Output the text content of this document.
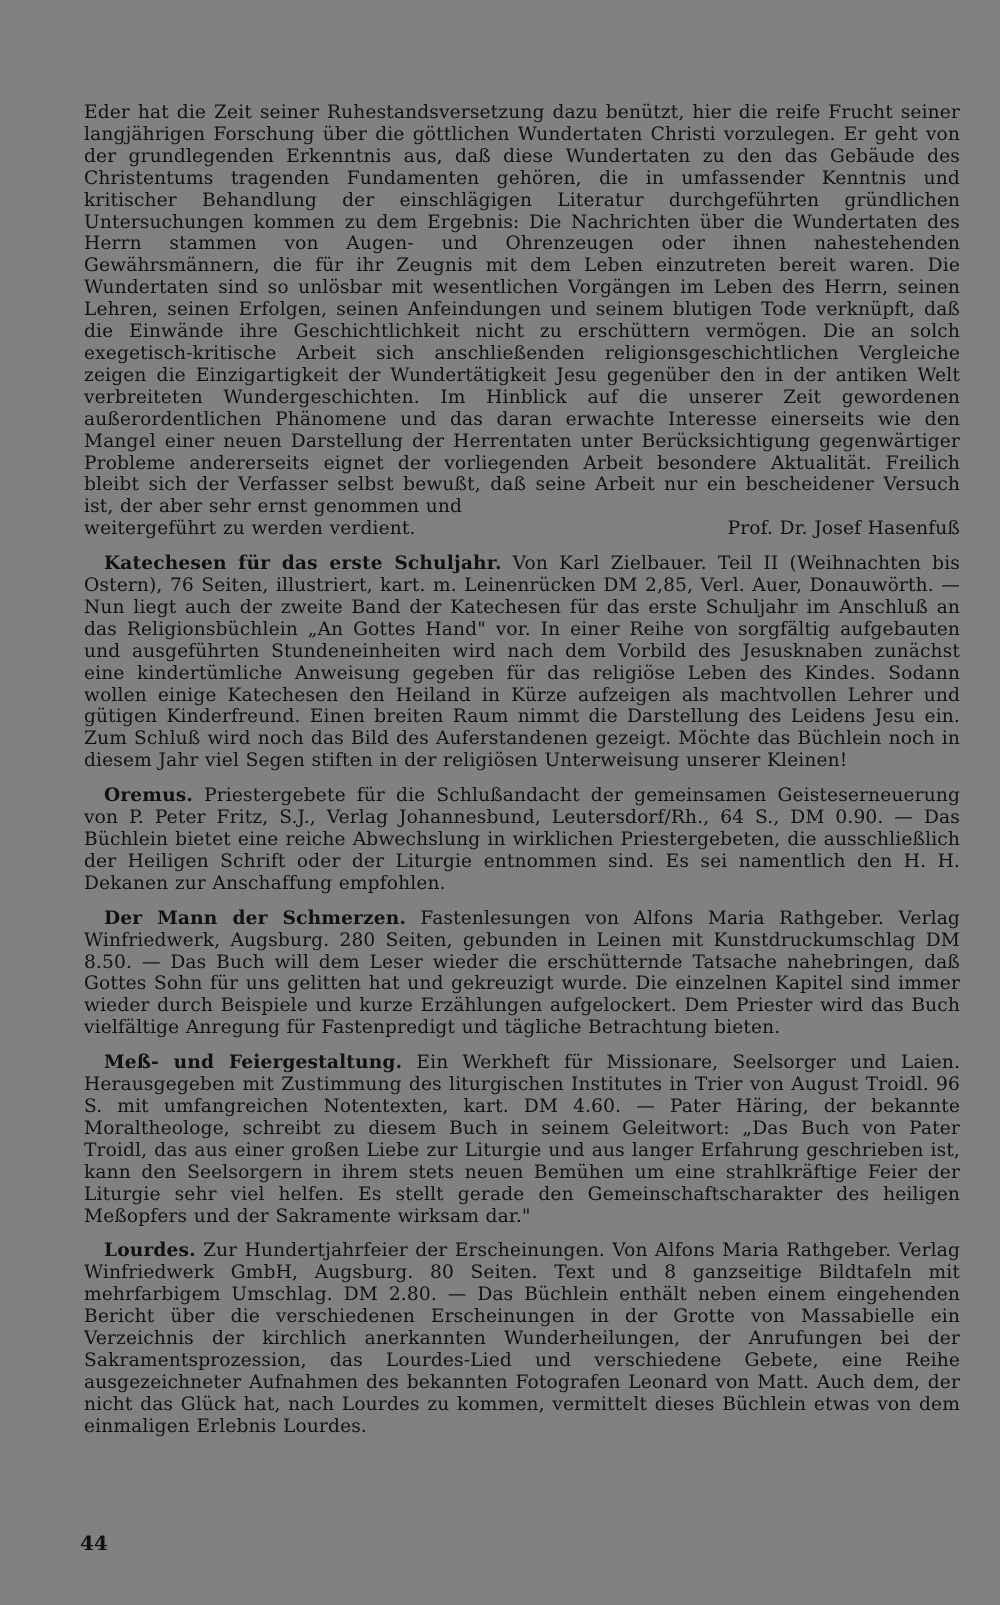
Eder hat die Zeit seiner Ruhestandsversetzung dazu benützt, hier die reife Frucht seiner langjährigen Forschung über die göttlichen Wundertaten Christi vorzulegen. Er geht von der grundlegenden Erkenntnis aus, daß diese Wundertaten zu den das Gebäude des Christentums tragenden Fundamenten gehören, die in umfassender Kenntnis und kritischer Behandlung der einschlägigen Literatur durchgeführten gründlichen Untersuchungen kommen zu dem Ergebnis: Die Nachrichten über die Wundertaten des Herrn stammen von Augen- und Ohrenzeugen oder ihnen nahestehenden Gewährsmännern, die für ihr Zeugnis mit dem Leben einzutreten bereit waren. Die Wundertaten sind so unlösbar mit wesentlichen Vorgängen im Leben des Herrn, seinen Lehren, seinen Erfolgen, seinen Anfeindungen und seinem blutigen Tode verknüpft, daß die Einwände ihre Geschichtlichkeit nicht zu erschüttern vermögen. Die an solch exegetisch-kritische Arbeit sich anschließenden religionsgeschichtlichen Vergleiche zeigen die Einzigartigkeit der Wundertätigkeit Jesu gegenüber den in der antiken Welt verbreiteten Wundergeschichten. Im Hinblick auf die unserer Zeit gewordenen außerordentlichen Phänomene und das daran erwachte Interesse einerseits wie den Mangel einer neuen Darstellung der Herrentaten unter Berücksichtigung gegenwärtiger Probleme andererseits eignet der vorliegenden Arbeit besondere Aktualität. Freilich bleibt sich der Verfasser selbst bewußt, daß seine Arbeit nur ein bescheidener Versuch ist, der aber sehr ernst genommen und
weitergeführt zu werden verdient.	Prof. Dr. Josef Hasenfuß

Katechesen für das erste Schuljahr. Von Karl Zielbauer. Teil II (Weihnachten bis Ostern), 76 Seiten, illustriert, kart. m. Leinenrücken DM 2,85, Verl. Auer, Donauwörth. — Nun liegt auch der zweite Band der Katechesen für das erste Schuljahr im Anschluß an das Religionsbüchlein „An Gottes Hand" vor. In einer Reihe von sorgfältig aufgebauten und ausgeführten Stundeneinheiten wird nach dem Vorbild des Jesusknaben zunächst eine kindertümliche Anweisung gegeben für das religiöse Leben des Kindes. Sodann wollen einige Katechesen den Heiland in Kürze aufzeigen als machtvollen Lehrer und gütigen Kinderfreund. Einen breiten Raum nimmt die Darstellung des Leidens Jesu ein. Zum Schluß wird noch das Bild des Auferstandenen gezeigt. Möchte das Büchlein noch in diesem Jahr viel Segen stiften in der religiösen Unterweisung unserer Kleinen!

Oremus. Priestergebete für die Schlußandacht der gemeinsamen Geisteserneuerung von P. Peter Fritz, S.J., Verlag Johannesbund, Leutersdorf/Rh., 64 S., DM 0.90. — Das Büchlein bietet eine reiche Abwechslung in wirklichen Priestergebeten, die ausschließlich der Heiligen Schrift oder der Liturgie entnommen sind. Es sei namentlich den H. H. Dekanen zur Anschaffung empfohlen.

Der Mann der Schmerzen. Fastenlesungen von Alfons Maria Rathgeber. Verlag Winfriedwerk, Augsburg. 280 Seiten, gebunden in Leinen mit Kunstdruckumschlag DM 8.50. — Das Buch will dem Leser wieder die erschütternde Tatsache nahebringen, daß Gottes Sohn für uns gelitten hat und gekreuzigt wurde. Die einzelnen Kapitel sind immer wieder durch Beispiele und kurze Erzählungen aufgelockert. Dem Priester wird das Buch vielfältige Anregung für Fastenpredigt und tägliche Betrachtung bieten.

Meß- und Feiergestaltung. Ein Werkheft für Missionare, Seelsorger und Laien. Herausgegeben mit Zustimmung des liturgischen Institutes in Trier von August Troidl. 96 S. mit umfangreichen Notentexten, kart. DM 4.60. — Pater Häring, der bekannte Moraltheologe, schreibt zu diesem Buch in seinem Geleitwort: „Das Buch von Pater Troidl, das aus einer großen Liebe zur Liturgie und aus langer Erfahrung geschrieben ist, kann den Seelsorgern in ihrem stets neuen Bemühen um eine strahlkräftige Feier der Liturgie sehr viel helfen. Es stellt gerade den Gemeinschaftscharakter des heiligen Meßopfers und der Sakramente wirksam dar."

Lourdes. Zur Hundertjahrfeier der Erscheinungen. Von Alfons Maria Rathgeber. Verlag Winfriedwerk GmbH, Augsburg. 80 Seiten. Text und 8 ganzseitige Bildtafeln mit mehrfarbigem Umschlag. DM 2.80. — Das Büchlein enthält neben einem eingehenden Bericht über die verschiedenen Erscheinungen in der Grotte von Massabielle ein Verzeichnis der kirchlich anerkannten Wunderheilungen, der Anrufungen bei der Sakramentsprozession, das Lourdes-Lied und verschiedene Gebete, eine Reihe ausgezeichneter Aufnahmen des bekannten Fotografen Leonard von Matt. Auch dem, der nicht das Glück hat, nach Lourdes zu kommen, vermittelt dieses Büchlein etwas von dem einmaligen Erlebnis Lourdes.

44
